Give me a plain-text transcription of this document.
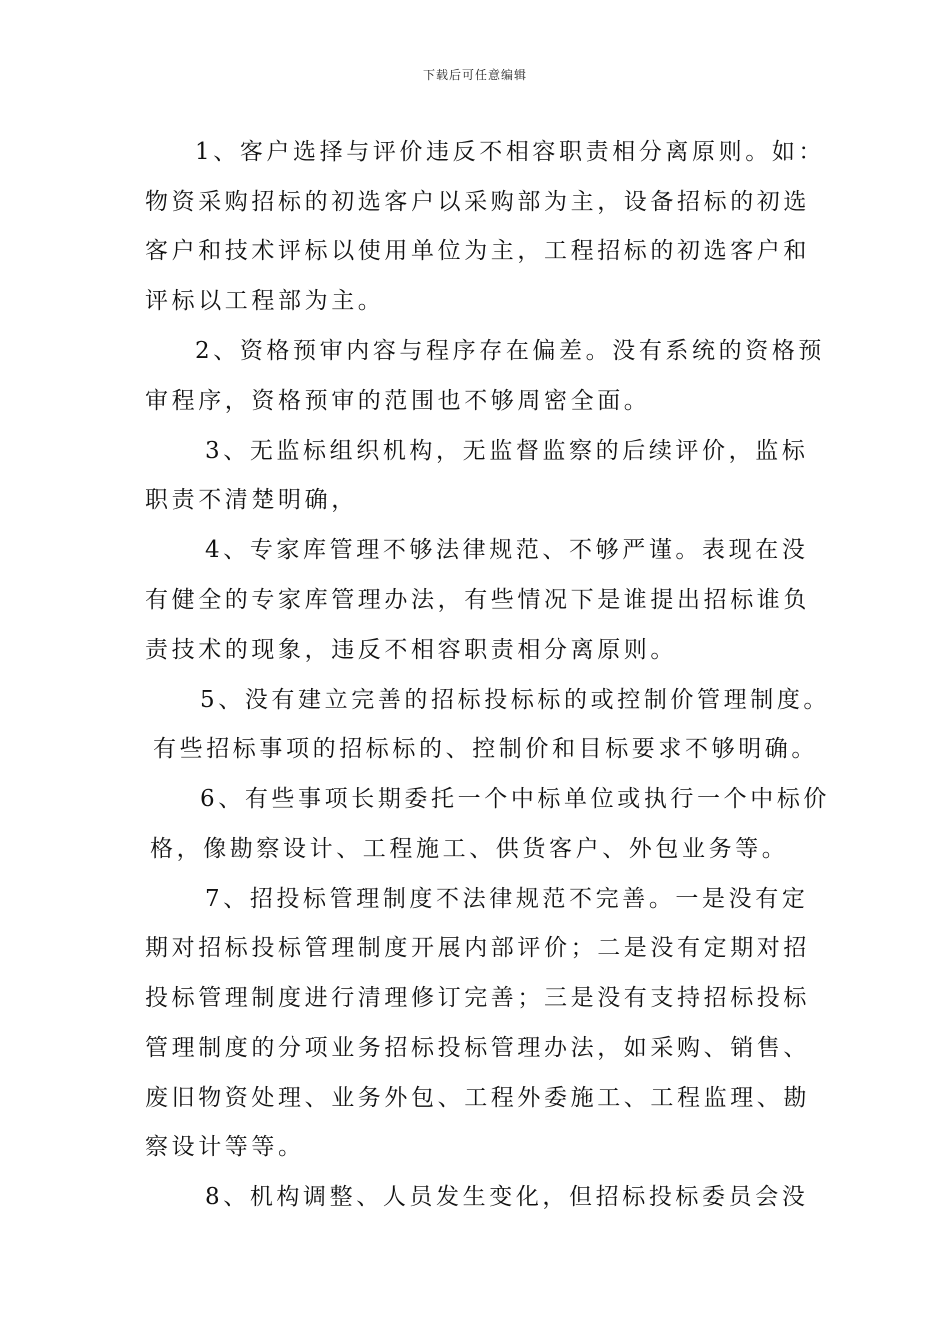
下载后可任意编辑
1、客户选择与评价违反不相容职责相分离原则。如：
物资采购招标的初选客户以采购部为主，设备招标的初选
客户和技术评标以使用单位为主，工程招标的初选客户和
评标以工程部为主。
2、资格预审内容与程序存在偏差。没有系统的资格预
审程序，资格预审的范围也不够周密全面。
3、无监标组织机构，无监督监察的后续评价，监标
职责不清楚明确，
4、专家库管理不够法律规范、不够严谨。表现在没
有健全的专家库管理办法，有些情况下是谁提出招标谁负
责技术的现象，违反不相容职责相分离原则。
5、没有建立完善的招标投标标的或控制价管理制度。
有些招标事项的招标标的、控制价和目标要求不够明确。
6、有些事项长期委托一个中标单位或执行一个中标价
格，像勘察设计、工程施工、供货客户、外包业务等。
7、招投标管理制度不法律规范不完善。一是没有定
期对招标投标管理制度开展内部评价；二是没有定期对招
投标管理制度进行清理修订完善；三是没有支持招标投标
管理制度的分项业务招标投标管理办法，如采购、销售、
废旧物资处理、业务外包、工程外委施工、工程监理、勘
察设计等等。
8、机构调整、人员发生变化，但招标投标委员会没
